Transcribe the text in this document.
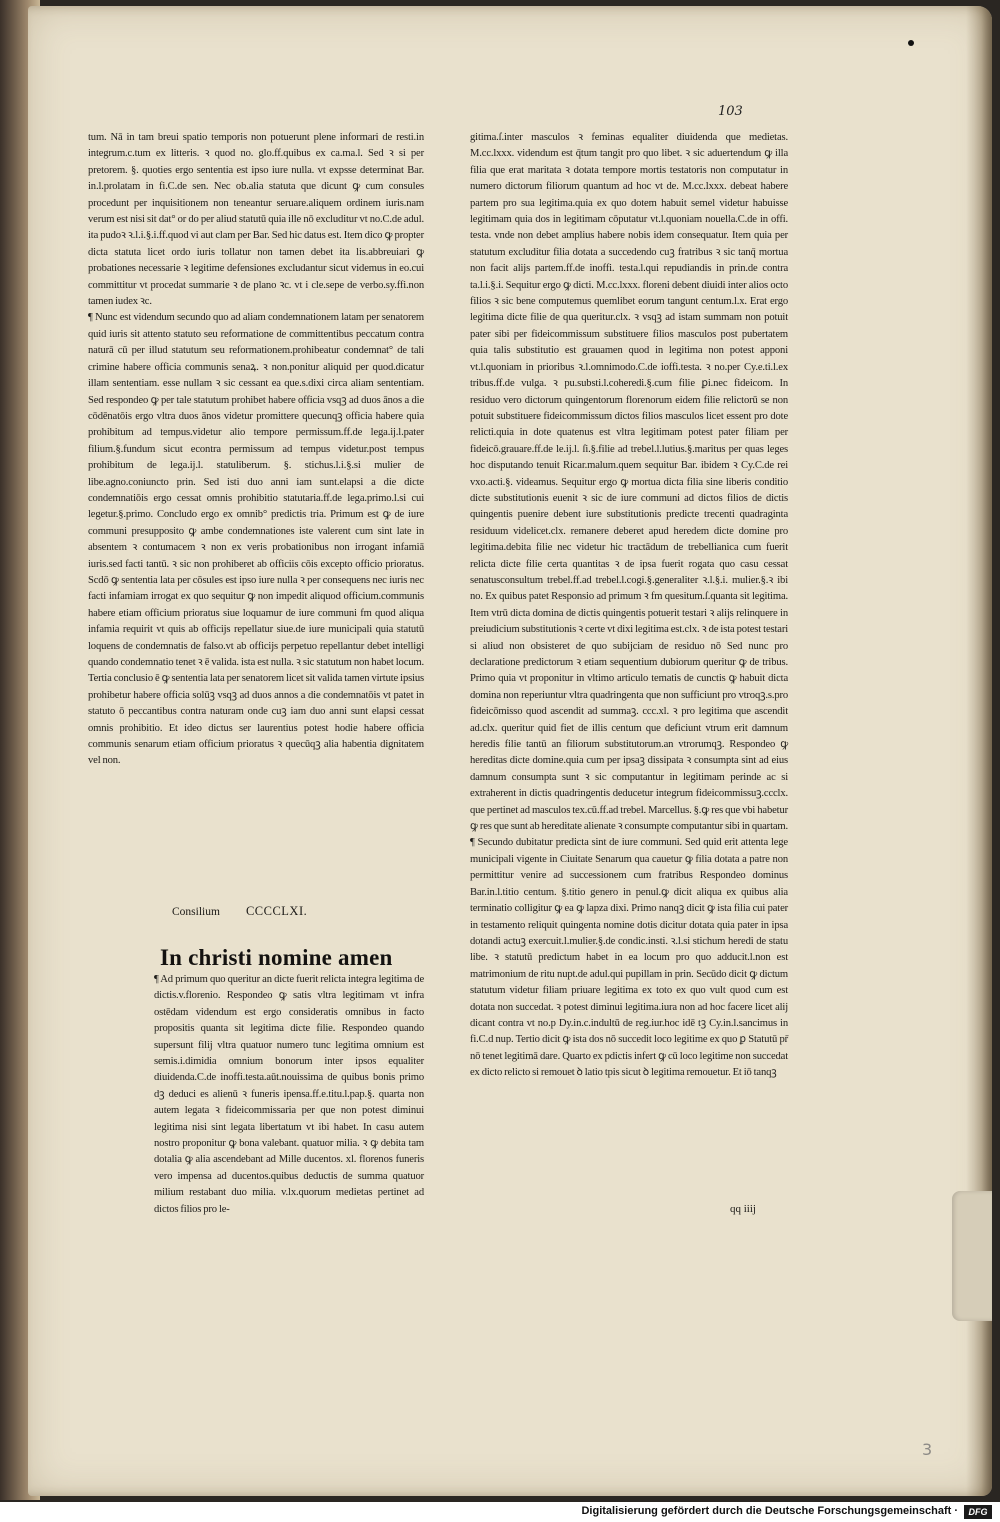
103

tum. Nā in tam breui spatio temporis non potuerunt plene informari de resti.in integrum.c.tum ex litteris. ꝛ quod no. glo.ff.quibus ex ca.ma.l. Sed ꝛ si per pretorem. §. quoties ergo sententia est ipso iure nulla. vt expsse determinat Bar. in.l.prolatam in fi.C.de sen. Nec ob.alia statuta que dicunt ꝙ cum consules procedunt per inquisitionem non teneantur seruare.aliquem ordinem iuris.nam verum est nisi sit dat° or do per aliud statutū quia ille nō excluditur vt no.C.de adul. ita pudoꝛ ꝛ.l.i.§.i.ff.quod vi aut clam per Bar. Sed hic datus est. Item dico ꝙ propter dicta statuta licet ordo iuris tollatur non tamen debet ita lis.abbreuiari ꝙ probationes necessarie ꝛ legitime defensiones excludantur sicut videmus in eo.cui committitur vt procedat summarie ꝛ de plano ꝛc. vt i cle.sepe de verbo.sy.ffi.non tamen iudex ꝛc.

¶ Nunc est videndum secundo quo ad aliam condemnationem latam per senatorem quid iuris sit attento statuto seu reformatione de committentibus peccatum contra naturā cū per illud statutum seu reformationem.prohibeatur condemnat° de tali crimine habere officia communis senaꝝ. ꝛ non.ponitur aliquid per quod.dicatur illam sententiam. esse nullam ꝛ sic cessant ea que.s.dixi circa aliam sententiam. Sed respondeo ꝙ per tale statutum prohibet habere officia vsqꝫ ad duos ānos a die cōdēnatōis ergo vltra duos ānos videtur promittere quecunqꝫ officia habere quia prohibitum ad tempus.videtur alio tempore permissum.ff.de lega.ij.l.pater filium.§.fundum sicut econtra permissum ad tempus videtur.post tempus prohibitum de lega.ij.l. statuliberum. §. stichus.l.i.§.si mulier de libe.agno.coniuncto prin. Sed isti duo anni iam sunt.elapsi a die dicte condemnatiōis ergo cessat omnis prohibitio statutaria.ff.de lega.primo.l.si cui legetur.§.primo. Concludo ergo ex omnib° predictis tria. Primum est ꝙ de iure communi presupposito ꝙ ambe condemnationes iste valerent cum sint late in absentem ꝛ contumacem ꝛ non ex veris probationibus non irrogant infamiā iuris.sed facti tantū. ꝛ sic non prohiberet ab officiis cōis excepto officio prioratus. Scdō ꝙ sententia lata per cōsules est ipso iure nulla ꝛ per consequens nec iuris nec facti infamiam irrogat ex quo sequitur ꝙ non impedit aliquod officium.communis habere etiam officium prioratus siue loquamur de iure communi fm quod aliqua infamia requirit vt quis ab officijs repellatur siue.de iure municipali quia statutū loquens de condemnatis de falso.vt ab officijs perpetuo repellantur debet intelligi quando condemnatio tenet ꝛ ē valida. ista est nulla. ꝛ sic statutum non habet locum. Tertia conclusio ē ꝙ sententia lata per senatorem licet sit valida tamen virtute ipsius prohibetur habere officia solūꝫ vsqꝫ ad duos annos a die condemnatōis vt patet in statuto ō peccantibus contra naturam onde cuꝫ iam duo anni sunt elapsi cessat omnis prohibitio. Et ideo dictus ser laurentius potest hodie habere officia communis senarum etiam officium prioratus ꝛ quecūqꝫ alia habentia dignitatem vel non.

Consilium CCCCLXI.
In christi nomine amen

¶ Ad primum quo queritur an dicte fuerit relicta integra legitima de dictis.v.florenio. Respondeo ꝙ satis vltra legitimam vt infra ostēdam videndum est ergo consideratis omnibus in facto propositis quanta sit legitima dicte filie. Respondeo quando supersunt filij vltra quatuor numero tunc legitima omnium est semis.i.dimidia omnium bonorum inter ipsos equaliter diuidenda.C.de inoffi.testa.aūt.nouissima de quibus bonis primo dꝫ deduci es alienū ꝛ funeris ipensa.ff.e.titu.l.pap.§. quarta non autem legata ꝛ fideicommissaria per que non potest diminui legitima nisi sint legata libertatum vt ibi habet. In casu autem nostro proponitur ꝙ bona valebant. quatuor milia. ꝛ ꝙ debita tam dotalia ꝙ alia ascendebant ad Mille ducentos. xl. florenos funeris vero impensa ad ducentos.quibus deductis de summa quatuor milium restabant duo milia. v.lx.quorum medietas pertinet ad dictos filios pro le-

gitima.ſ.inter masculos ꝛ feminas equaliter diuidenda que medietas. M.cc.lxxx. videndum est q̄tum tangit pro quo libet. ꝛ sic aduertendum ꝙ illa filia que erat maritata ꝛ dotata tempore mortis testatoris non computatur in numero dictorum filiorum quantum ad hoc vt de. M.cc.lxxx. debeat habere partem pro sua legitima.quia ex quo dotem habuit semel videtur habuisse legitimam quia dos in legitimam cōputatur vt.l.quoniam nouella.C.de in offi. testa. vnde non debet amplius habere nobis idem consequatur. Item quia per statutum excluditur filia dotata a succedendo cuꝫ fratribus ꝛ sic tanq̄ mortua non facit alijs partem.ff.de inoffi. testa.l.qui repudiandis in prin.de contra ta.l.i.§.i. Sequitur ergo ꝙ dicti. M.cc.lxxx. floreni debent diuidi inter alios octo filios ꝛ sic bene computemus quemlibet eorum tangunt centum.l.x. Erat ergo legitima dicte filie de qua queritur.clx. ꝛ vsqꝫ ad istam summam non potuit pater sibi per fideicommissum substituere filios masculos post pubertatem quia talis substitutio est grauamen quod in legitima non potest apponi vt.l.quoniam in prioribus ꝛ.l.omnimodo.C.de ioffi.testa. ꝛ no.per Cy.e.ti.l.ex tribus.ff.de vulga. ꝛ pu.substi.l.coheredi.§.cum filie ꝑi.nec fideicom. In residuo vero dictorum quingentorum florenorum eidem filie relictorū se non potuit substituere fideicommissum dictos filios masculos licet essent pro dote relicti.quia in dote quatenus est vltra legitimam potest pater filiam per fideicō.grauare.ff.de le.ij.l. ſi.§.filie ad trebel.l.lutius.§.maritus per quas leges hoc disputando tenuit Ricar.malum.quem sequitur Bar. ibidem ꝛ Cy.C.de rei vxo.acti.§. videamus. Sequitur ergo ꝙ mortua dicta filia sine liberis conditio dicte substitutionis euenit ꝛ sic de iure communi ad dictos filios de dictis quingentis puenire debent iure substitutionis predicte trecenti quadraginta residuum videlicet.clx. remanere deberet apud heredem dicte domine pro legitima.debita filie nec videtur hic tractādum de trebellianica cum fuerit relicta dicte filie certa quantitas ꝛ de ipsa fuerit rogata quo casu cessat senatusconsultum trebel.ff.ad trebel.l.cogi.§.generaliter ꝛ.l.§.i. mulier.§.ꝛ ibi no. Ex quibus patet Responsio ad primum ꝛ fm quesitum.ſ.quanta sit legitima. Item vtrū dicta domina de dictis quingentis potuerit testari ꝛ alijs relinquere in preiudicium substitutionis ꝛ certe vt dixi legitima est.clx. ꝛ de ista potest testari si aliud non obsisteret de quo subijciam de residuo nō Sed nunc pro declaratione predictorum ꝛ etiam sequentium dubiorum queritur ꝙ de tribus. Primo quia vt proponitur in vltimo articulo tematis de cunctis ꝙ habuit dicta domina non reperiuntur vltra quadringenta que non sufficiunt pro vtroqꝫ.s.pro fideicōmisso quod ascendit ad summaꝫ. ccc.xl. ꝛ pro legitima que ascendit ad.clx. queritur quid fiet de illis centum que deficiunt vtrum erit damnum heredis filie tantū an filiorum substitutorum.an vtrorumqꝫ. Respondeo ꝙ hereditas dicte domine.quia cum per ipsaꝫ dissipata ꝛ consumpta sint ad eius damnum consumpta sunt ꝛ sic computantur in legitimam perinde ac si extraherent in dictis quadringentis deducetur integrum fideicommissuꝫ.ccclx. que pertinet ad masculos tex.cū.ff.ad trebel. Marcellus. §.ꝙ res que vbi habetur ꝙ res que sunt ab hereditate alienate ꝛ consumpte computantur sibi in quartam. ¶ Secundo dubitatur predicta sint de iure communi. Sed quid erit attenta lege municipali vigente in Ciuitate Senarum qua cauetur ꝙ filia dotata a patre non permittitur venire ad successionem cum fratribus Respondeo dominus Bar.in.l.titio centum. §.titio genero in penul.ꝙ dicit aliqua ex quibus alia terminatio colligitur ꝙ ea ꝙ lapza dixi. Primo nanqꝫ dicit ꝙ ista filia cui pater in testamento reliquit quingenta nomine dotis dicitur dotata quia pater in ipsa dotandi actuꝫ exercuit.l.mulier.§.de condic.insti. ꝛ.l.si stichum heredi de statu libe. ꝛ statutū predictum habet in ea locum pro quo adducit.l.non est matrimonium de ritu nupt.de adul.qui pupillam in prin. Secūdo dicit ꝙ dictum statutum videtur filiam priuare legitima ex toto ex quo vult quod cum est dotata non succedat. ꝛ potest diminui legitima.iura non ad hoc facere licet alij dicant contra vt no.p Dy.in.c.indultū de reg.iur.hoc idē tꝫ Cy.in.l.sancimus in fi.C.d nup. Tertio dicit ꝙ ista dos nō succedit loco legitime ex quo ꝑ Statutū pr̄ nō tenet legitimā dare. Quarto ex pdictis infert ꝙ cū loco legitime non succedat ex dicto relicto si remouet ꝺ latio tpis sicut ꝺ legitima remouetur. Et iō tanqꝫ

qq iiij
3
Digitalisierung gefördert durch die Deutsche Forschungsgemeinschaft ·	DFG
